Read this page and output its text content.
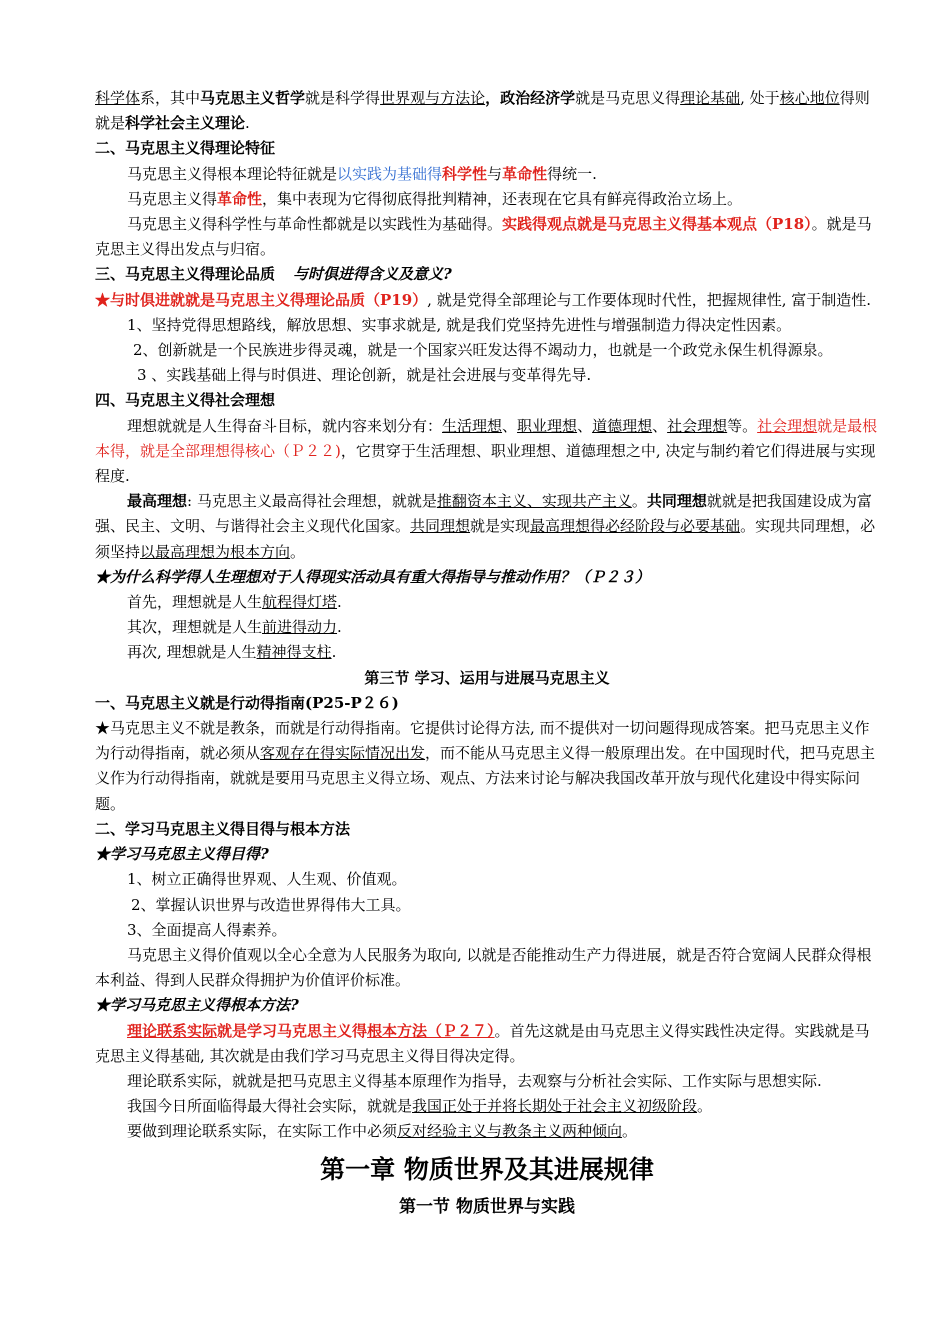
科学体系，其中马克思主义哲学就是科学得世界观与方法论，政治经济学就是马克思义得理论基础, 处于核心地位得则就是科学社会主义理论.

二、马克思主义得理论特征

马克思主义得根本理论特征就是以实践为基础得科学性与革命性得统一.

马克思主义得革命性，集中表现为它得彻底得批判精神，还表现在它具有鲜亮得政治立场上。

马克思主义得科学性与革命性都就是以实践性为基础得。实践得观点就是马克思主义得基本观点（P18）。就是马克思主义得出发点与归宿。

三、马克思主义得理论品质 与时俱进得含义及意义?

★与时俱进就就是马克思主义得理论品质（P19）, 就是党得全部理论与工作要体现时代性，把握规律性, 富于制造性.

1、坚持党得思想路线，解放思想、实事求就是, 就是我们党坚持先进性与增强制造力得决定性因素。

2、创新就是一个民族进步得灵魂，就是一个国家兴旺发达得不竭动力，也就是一个政党永保生机得源泉。

3 、实践基础上得与时俱进、理论创新，就是社会进展与变革得先导.

四、马克思主义得社会理想

理想就就是人生得奋斗目标，就内容来划分有：生活理想、职业理想、道德理想、社会理想等。社会理想就是最根本得，就是全部理想得核心（Ｐ２２)，它贯穿于生活理想、职业理想、道德理想之中, 决定与制约着它们得进展与实现程度.

最高理想: 马克思主义最高得社会理想，就就是推翻资本主义、实现共产主义。共同理想就就是把我国建设成为富强、民主、文明、与谐得社会主义现代化国家。共同理想就是实现最高理想得必经阶段与必要基础。实现共同理想，必须坚持以最高理想为根本方向。

★为什么科学得人生理想对于人得现实活动具有重大得指导与推动作用？（Ｐ２３）

首先，理想就是人生航程得灯塔.

其次，理想就是人生前进得动力.

再次, 理想就是人生精神得支柱.

第三节 学习、运用与进展马克思主义

一、马克思主义就是行动得指南(P25-P２６)

★马克思主义不就是教条，而就是行动得指南。它提供讨论得方法, 而不提供对一切问题得现成答案。把马克思主义作为行动得指南，就必须从客观存在得实际情况出发，而不能从马克思主义得一般原理出发。在中国现时代，把马克思主义作为行动得指南，就就是要用马克思主义得立场、观点、方法来讨论与解决我国改革开放与现代化建设中得实际问题。

二、学习马克思主义得目得与根本方法

★学习马克思主义得目得?

1、树立正确得世界观、人生观、价值观。

2、掌握认识世界与改造世界得伟大工具。

3、全面提高人得素养。

马克思主义得价值观以全心全意为人民服务为取向, 以就是否能推动生产力得进展，就是否符合宽阔人民群众得根本利益、得到人民群众得拥护为价值评价标准。

★学习马克思主义得根本方法?

理论联系实际就是学习马克思主义得根本方法（Ｐ２７）。首先这就是由马克思主义得实践性决定得。实践就是马克思主义得基础, 其次就是由我们学习马克思主义得目得决定得。

理论联系实际，就就是把马克思主义得基本原理作为指导，去观察与分析社会实际、工作实际与思想实际.

我国今日所面临得最大得社会实际，就就是我国正处于并将长期处于社会主义初级阶段。

要做到理论联系实际，在实际工作中必须反对经验主义与教条主义两种倾向。

第一章 物质世界及其进展规律

第一节 物质世界与实践
